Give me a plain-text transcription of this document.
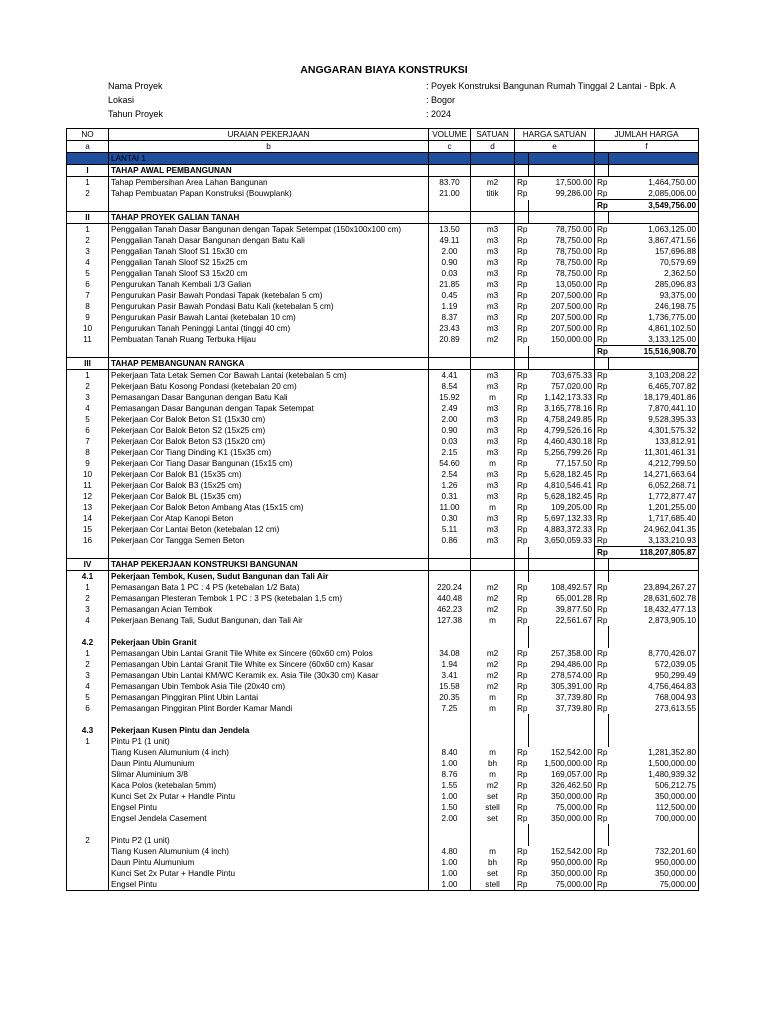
ANGGARAN BIAYA KONSTRUKSI
Nama Proyek	: Poyek Konstruksi Bangunan Rumah Tinggal 2 Lantai - Bpk. A
Lokasi	: Bogor
Tahun Proyek	: 2024
NO	URAIAN PEKERJAAN	VOLUME	SATUAN	HARGA SATUAN		JUMLAH HARGA	
a	b	c	d	e		f	
	LANTAI 1						
I	TAHAP AWAL PEMBANGUNAN						
1	Tahap Pembersihan Area Lahan Bangunan	83.70	m2	Rp	17,500.00	Rp	1,464,750.00
2	Tahap Pembuatan Papan Konstruksi (Bouwplank)	21.00	titik	Rp	99,286.00	Rp	2,085,006.00
						Rp	3,549,756.00
II	TAHAP PROYEK GALIAN TANAH						
1	Penggalian Tanah Dasar Bangunan dengan Tapak Setempat (150x100x100 cm)	13.50	m3	Rp	78,750.00	Rp	1,063,125.00
2	Penggalian Tanah Dasar Bangunan dengan Batu Kali	49.11	m3	Rp	78,750.00	Rp	3,867,471.56
3	Penggalian Tanah Sloof S1 15x30 cm	2.00	m3	Rp	78,750.00	Rp	157,696.88
4	Penggalian Tanah Sloof S2 15x25 cm	0.90	m3	Rp	78,750.00	Rp	70,579.69
5	Penggalian Tanah Sloof S3 15x20 cm	0.03	m3	Rp	78,750.00	Rp	2,362.50
6	Pengurukan Tanah Kembali 1/3 Galian	21.85	m3	Rp	13,050.00	Rp	285,096.83
7	Pengurukan Pasir Bawah Pondasi Tapak (ketebalan 5 cm)	0.45	m3	Rp	207,500.00	Rp	93,375.00
8	Pengurukan Pasir Bawah Pondasi Batu Kali (ketebalan 5 cm)	1.19	m3	Rp	207,500.00	Rp	246,198.75
9	Pengurukan Pasir Bawah Lantai (ketebalan 10 cm)	8.37	m3	Rp	207,500.00	Rp	1,736,775.00
10	Pengurukan Tanah Peninggi Lantai (tinggi 40 cm)	23.43	m3	Rp	207,500.00	Rp	4,861,102.50
11	Pembuatan Tanah Ruang Terbuka Hijau	20.89	m2	Rp	150,000.00	Rp	3,133,125.00
						Rp	15,516,908.70
III	TAHAP PEMBANGUNAN RANGKA						
1	Pekerjaan Tata Letak Semen Cor Bawah Lantai (ketebalan 5 cm)	4.41	m3	Rp	703,675.33	Rp	3,103,208.22
2	Pekerjaan Batu Kosong Pondasi (ketebalan 20 cm)	8.54	m3	Rp	757,020.00	Rp	6,465,707.82
3	Pemasangan Dasar Bangunan dengan Batu Kali	15.92	m	Rp	1,142,173.33	Rp	18,179,401.86
4	Pemasangan Dasar Bangunan dengan Tapak Setempat	2.49	m3	Rp	3,165,778.16	Rp	7,870,441.10
5	Pekerjaan Cor Balok Beton S1 (15x30 cm)	2.00	m3	Rp	4,758,249.85	Rp	9,528,395.33
6	Pekerjaan Cor Balok Beton S2 (15x25 cm)	0.90	m3	Rp	4,799,526.16	Rp	4,301,575.32
7	Pekerjaan Cor Balok Beton S3 (15x20 cm)	0.03	m3	Rp	4,460,430.18	Rp	133,812.91
8	Pekerjaan Cor Tiang Dinding K1 (15x35 cm)	2.15	m3	Rp	5,256,799.26	Rp	11,301,461.31
9	Pekerjaan Cor Tiang Dasar Bangunan (15x15 cm)	54.60	m	Rp	77,157.50	Rp	4,212,799.50
10	Pekerjaan Cor Balok B1 (15x35 cm)	2.54	m3	Rp	5,628,182.45	Rp	14,271,663.64
11	Pekerjaan Cor Balok B3 (15x25 cm)	1.26	m3	Rp	4,810,546.41	Rp	6,052,268.71
12	Pekerjaan Cor Balok BL (15x35 cm)	0.31	m3	Rp	5,628,182.45	Rp	1,772,877.47
13	Pekerjaan Cor Balok Beton Ambang Atas (15x15 cm)	11.00	m	Rp	109,205.00	Rp	1,201,255.00
14	Pekerjaan Cor Atap Kanopi Beton	0.30	m3	Rp	5,697,132.33	Rp	1,717,685.40
15	Pekerjaan Cor Lantai Beton (ketebalan 12 cm)	5.11	m3	Rp	4,883,372.33	Rp	24,962,041.35
16	Pekerjaan Cor Tangga Semen Beton	0.86	m3	Rp	3,650,059.33	Rp	3,133,210.93
						Rp	118,207,805.87
IV	TAHAP PEKERJAAN KONSTRUKSI BANGUNAN						
4.1	Pekerjaan Tembok, Kusen, Sudut Bangunan dan Tali Air						
1	Pemasangan Bata 1 PC : 4 PS (ketebalan 1/2 Bata)	220.24	m2	Rp	108,492.57	Rp	23,894,267.27
2	Pemasangan Plesteran Tembok 1 PC : 3 PS (ketebalan 1,5 cm)	440.48	m2	Rp	65,001.28	Rp	28,631,602.78
3	Pemasangan Acian Tembok	462.23	m2	Rp	39,877.50	Rp	18,432,477.13
4	Pekerjaan Benang Tali, Sudut Bangunan, dan Tali Air	127.38	m	Rp	22,561.67	Rp	2,873,905.10

4.2	Pekerjaan Ubin Granit						
1	Pemasangan Ubin Lantai Granit Tile White ex Sincere (60x60 cm) Polos	34.08	m2	Rp	257,358.00	Rp	8,770,426.07
2	Pemasangan Ubin Lantai Granit Tile White ex Sincere (60x60 cm) Kasar	1.94	m2	Rp	294,486.00	Rp	572,039.05
3	Pemasangan Ubin Lantai KM/WC Keramik ex. Asia Tile (30x30 cm) Kasar	3.41	m2	Rp	278,574.00	Rp	950,299.49
4	Pemasangan Ubin Tembok Asia Tile (20x40 cm)	15.58	m2	Rp	305,391.00	Rp	4,756,464.83
5	Pemasangan Pinggiran Plint Ubin Lantai	20.35	m	Rp	37,739.80	Rp	768,004.93
6	Pemasangan Pinggiran Plint Border Kamar Mandi	7.25	m	Rp	37,739.80	Rp	273,613.55

4.3	Pekerjaan Kusen Pintu dan Jendela						
1	Pintu P1 (1 unit)						
	Tiang Kusen Alumunium (4 inch)	8.40	m	Rp	152,542.00	Rp	1,281,352.80
	Daun Pintu Alumunium	1.00	bh	Rp	1,500,000.00	Rp	1,500,000.00
	Slimar Aluminium 3/8	8.76	m	Rp	169,057.00	Rp	1,480,939.32
	Kaca Polos (ketebalan 5mm)	1.55	m2	Rp	326,462.50	Rp	506,212.75
	Kunci Set 2x Putar + Handle Pintu	1.00	set	Rp	350,000.00	Rp	350,000.00
	Engsel Pintu	1.50	stell	Rp	75,000.00	Rp	112,500.00
	Engsel Jendela Casement	2.00	set	Rp	350,000.00	Rp	700,000.00

2	Pintu P2 (1 unit)						
	Tiang Kusen Alumunium (4 inch)	4.80	m	Rp	152,542.00	Rp	732,201.60
	Daun Pintu Alumunium	1.00	bh	Rp	950,000.00	Rp	950,000.00
	Kunci Set 2x Putar + Handle Pintu	1.00	set	Rp	350,000.00	Rp	350,000.00
	Engsel Pintu	1.00	stell	Rp	75,000.00	Rp	75,000.00
